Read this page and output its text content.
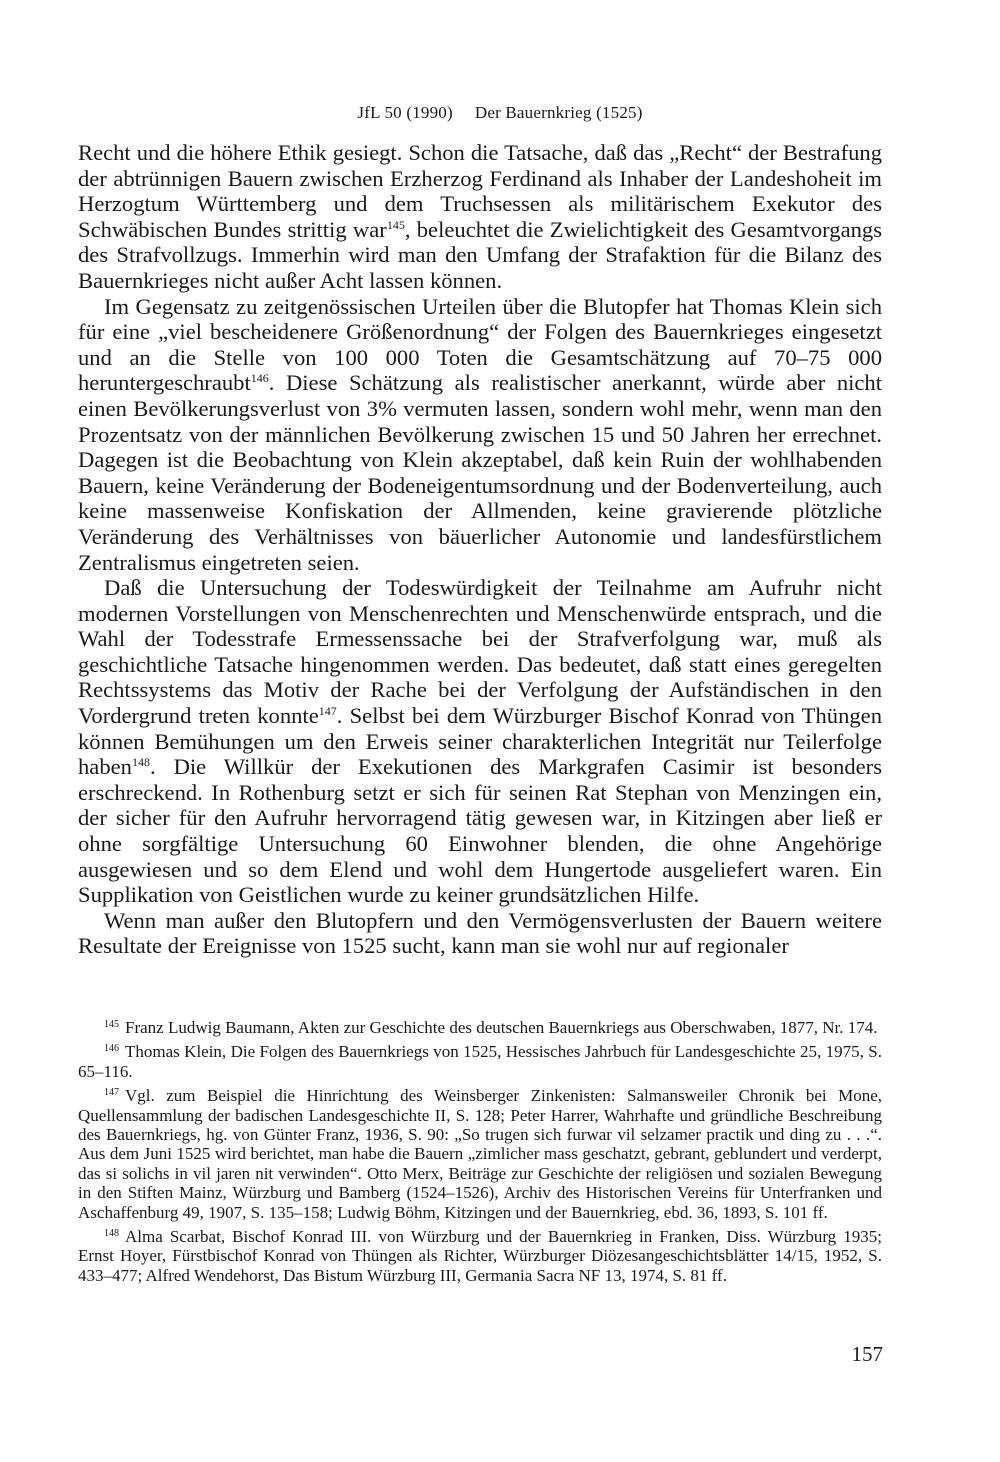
JfL 50 (1990) Der Bauernkrieg (1525)

Recht und die höhere Ethik gesiegt. Schon die Tatsache, daß das „Recht“ der Bestrafung der abtrünnigen Bauern zwischen Erzherzog Ferdinand als Inhaber der Landeshoheit im Herzogtum Württemberg und dem Truchsessen als militärischem Exekutor des Schwäbischen Bundes strittig war$^{145}$, beleuchtet die Zwielichtigkeit des Gesamtvorgangs des Strafvollzugs. Immerhin wird man den Umfang der Strafaktion für die Bilanz des Bauernkrieges nicht außer Acht lassen können.

Im Gegensatz zu zeitgenössischen Urteilen über die Blutopfer hat Thomas Klein sich für eine „viel bescheidenere Größenordnung“ der Folgen des Bauernkrieges eingesetzt und an die Stelle von 100 000 Toten die Gesamtschätzung auf 70–75 000 heruntergeschraubt$^{146}$. Diese Schätzung als realistischer anerkannt, würde aber nicht einen Bevölkerungsverlust von 3% vermuten lassen, sondern wohl mehr, wenn man den Prozentsatz von der männlichen Bevölkerung zwischen 15 und 50 Jahren her errechnet. Dagegen ist die Beobachtung von Klein akzeptabel, daß kein Ruin der wohlhabenden Bauern, keine Veränderung der Bodeneigentumsordnung und der Bodenverteilung, auch keine massenweise Konfiskation der Allmenden, keine gravierende plötzliche Veränderung des Verhältnisses von bäuerlicher Autonomie und landesfürstlichem Zentralismus eingetreten seien.

Daß die Untersuchung der Todeswürdigkeit der Teilnahme am Aufruhr nicht modernen Vorstellungen von Menschenrechten und Menschenwürde entsprach, und die Wahl der Todesstrafe Ermessenssache bei der Strafverfolgung war, muß als geschichtliche Tatsache hingenommen werden. Das bedeutet, daß statt eines geregelten Rechtssystems das Motiv der Rache bei der Verfolgung der Aufständischen in den Vordergrund treten konnte$^{147}$. Selbst bei dem Würzburger Bischof Konrad von Thüngen können Bemühungen um den Erweis seiner charakterlichen Integrität nur Teilerfolge haben$^{148}$. Die Willkür der Exekutionen des Markgrafen Casimir ist besonders erschreckend. In Rothenburg setzt er sich für seinen Rat Stephan von Menzingen ein, der sicher für den Aufruhr hervorragend tätig gewesen war, in Kitzingen aber ließ er ohne sorgfältige Untersuchung 60 Einwohner blenden, die ohne Angehörige ausgewiesen und so dem Elend und wohl dem Hungertode ausgeliefert waren. Ein Supplikation von Geistlichen wurde zu keiner grundsätzlichen Hilfe.

Wenn man außer den Blutopfern und den Vermögensverlusten der Bauern weitere Resultate der Ereignisse von 1525 sucht, kann man sie wohl nur auf regionaler

$^{145}$ Franz Ludwig Baumann, Akten zur Geschichte des deutschen Bauernkriegs aus Oberschwaben, 1877, Nr. 174.

$^{146}$ Thomas Klein, Die Folgen des Bauernkriegs von 1525, Hessisches Jahrbuch für Landesgeschichte 25, 1975, S. 65–116.

$^{147}$ Vgl. zum Beispiel die Hinrichtung des Weinsberger Zinkenisten: Salmansweiler Chronik bei Mone, Quellensammlung der badischen Landesgeschichte II, S. 128; Peter Harrer, Wahrhafte und gründliche Beschreibung des Bauernkriegs, hg. von Günter Franz, 1936, S. 90: „So trugen sich furwar vil selzamer practik und ding zu . . .“. Aus dem Juni 1525 wird berichtet, man habe die Bauern „zimlicher mass geschatzt, gebrant, geblundert und verderpt, das si solichs in vil jaren nit verwinden“. Otto Merx, Beiträge zur Geschichte der religiösen und sozialen Bewegung in den Stiften Mainz, Würzburg und Bamberg (1524–1526), Archiv des Historischen Vereins für Unterfranken und Aschaffenburg 49, 1907, S. 135–158; Ludwig Böhm, Kitzingen und der Bauernkrieg, ebd. 36, 1893, S. 101 ff.

$^{148}$ Alma Scarbat, Bischof Konrad III. von Würzburg und der Bauernkrieg in Franken, Diss. Würzburg 1935; Ernst Hoyer, Fürstbischof Konrad von Thüngen als Richter, Würzburger Diözesangeschichtsblätter 14/15, 1952, S. 433–477; Alfred Wendehorst, Das Bistum Würzburg III, Germania Sacra NF 13, 1974, S. 81 ff.

157
